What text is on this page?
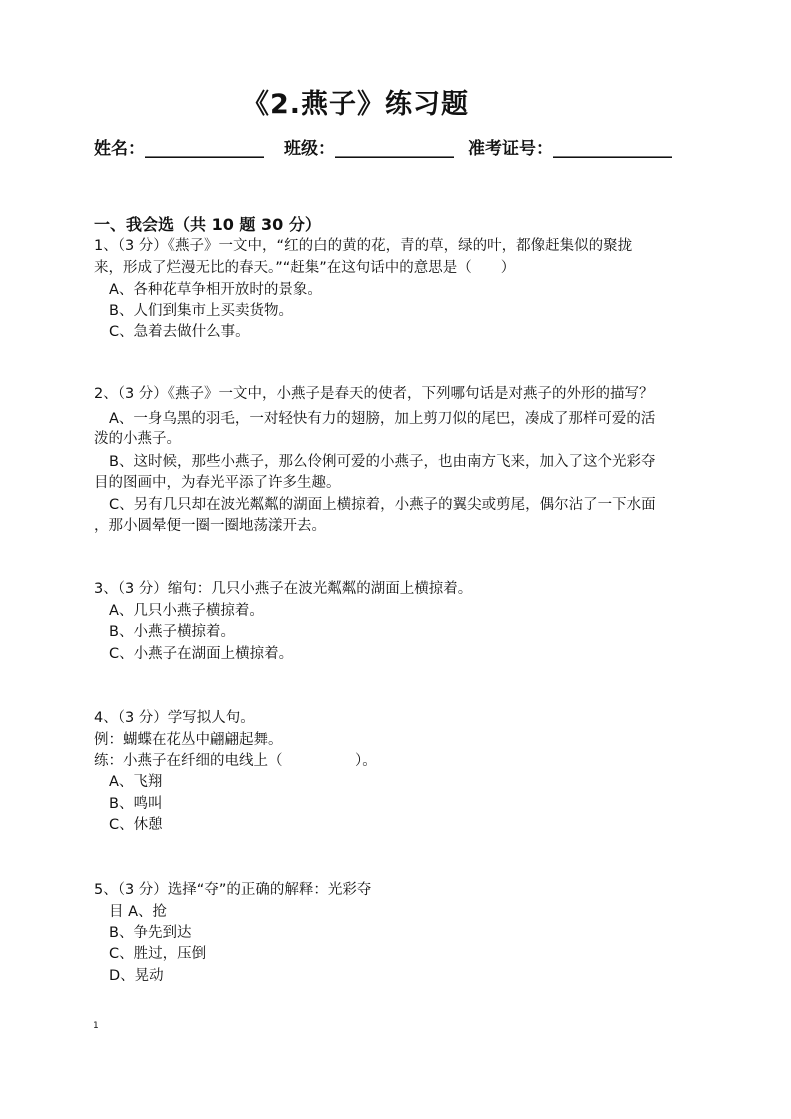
《2.燕子》练习题
姓名：______________ 班级：______________ 准考证号：______________
一、我会选（共 10 题 30 分）
1、（3 分）《燕子》一文中，“红的白的黄的花，青的草，绿的叶，都像赶集似的聚拢
来，形成了烂漫无比的春天。”“赶集”在这句话中的意思是（　　）
A、各种花草争相开放时的景象。
B、人们到集市上买卖货物。
C、急着去做什么事。
2、（3 分）《燕子》一文中，小燕子是春天的使者，下列哪句话是对燕子的外形的描写？
A、一身乌黑的羽毛，一对轻快有力的翅膀，加上剪刀似的尾巴，凑成了那样可爱的活
泼的小燕子。
B、这时候，那些小燕子，那么伶俐可爱的小燕子，也由南方飞来，加入了这个光彩夺
目的图画中，为春光平添了许多生趣。
C、另有几只却在波光粼粼的湖面上横掠着，小燕子的翼尖或剪尾，偶尔沾了一下水面
，那小圆晕便一圈一圈地荡漾开去。
3、（3 分）缩句：几只小燕子在波光粼粼的湖面上横掠着。
A、几只小燕子横掠着。
B、小燕子横掠着。
C、小燕子在湖面上横掠着。
4、（3 分）学写拟人句。
例：蝴蝶在花丛中翩翩起舞。
练：小燕子在纤细的电线上（　　　　　）。
A、飞翔
B、鸣叫
C、休憩
5、（3 分）选择“夺”的正确的解释：光彩夺
目 A、抢
B、争先到达
C、胜过，压倒
D、晃动
1
